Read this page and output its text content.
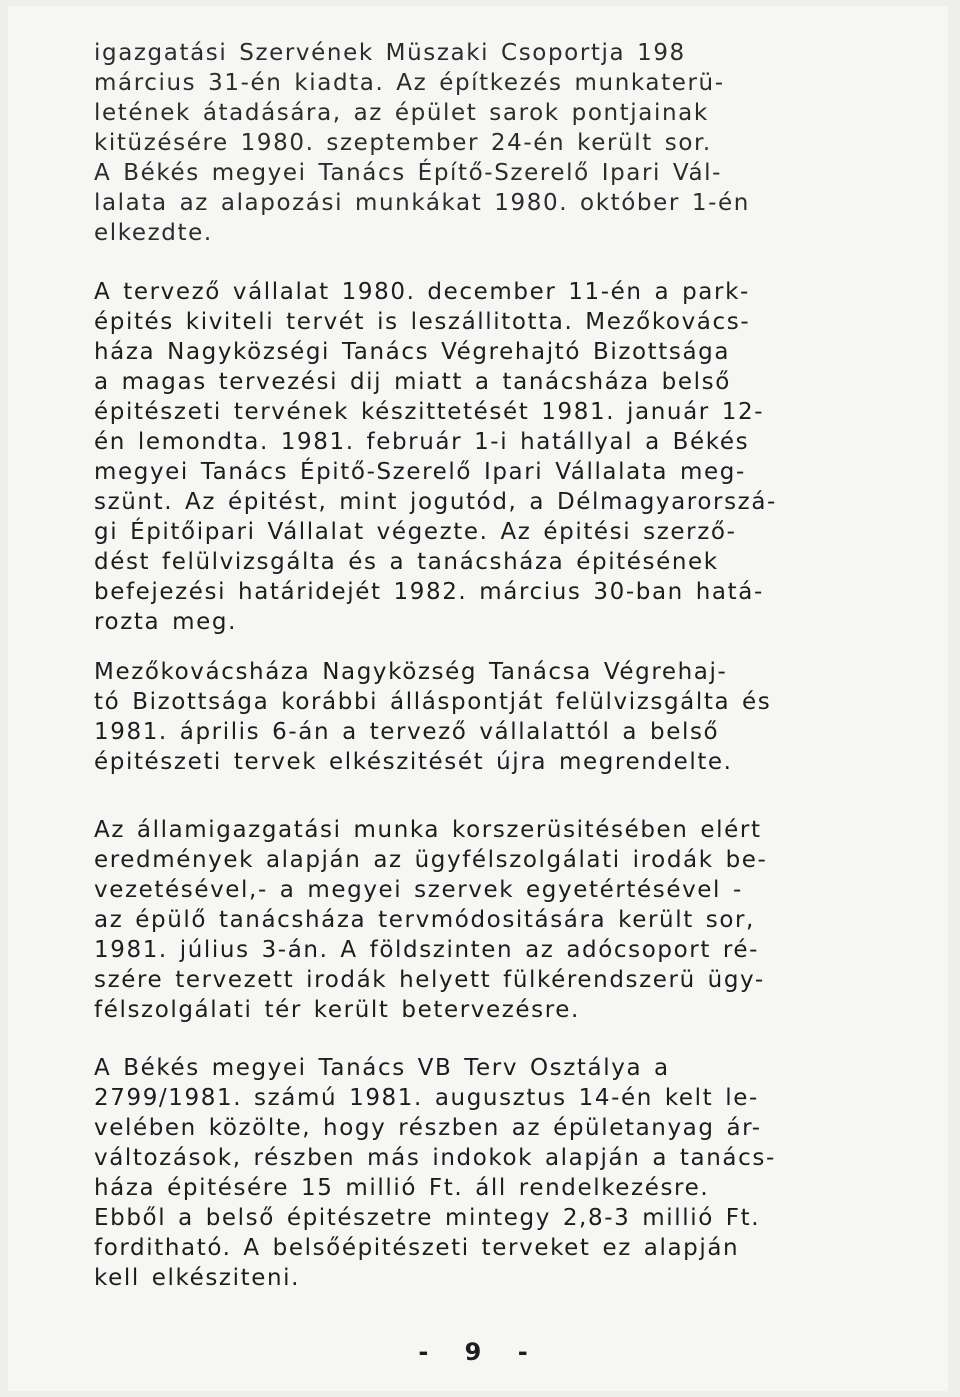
igazgatási Szervének Müszaki Csoportja 198
március 31-én kiadta. Az építkezés munkaterü-
letének átadására, az épület sarok pontjainak
kitüzésére 1980. szeptember 24-én került sor.
A Békés megyei Tanács Építő-Szerelő Ipari Vál-
lalata az alapozási munkákat 1980. október 1-én
elkezdte.
A tervező vállalat 1980. december 11-én a park-
épités kiviteli tervét is leszállitotta. Mezőkovács-
háza Nagyközségi Tanács Végrehajtó Bizottsága
a magas tervezési dij miatt a tanácsháza belső
épitészeti tervének készittetését 1981. január 12-
én lemondta. 1981. február 1-i hatállyal a Békés
megyei Tanács Épitő-Szerelő Ipari Vállalata meg-
szünt. Az épitést, mint jogutód, a Délmagyarorszá-
gi Épitőipari Vállalat végezte. Az épitési szerző-
dést felülvizsgálta és a tanácsháza épitésének
befejezési határidejét 1982. március 30-ban hatá-
rozta meg.
Mezőkovácsháza Nagyközség Tanácsa Végrehaj-
tó Bizottsága korábbi álláspontját felülvizsgálta és
1981. április 6-án a tervező vállalattól a belső
épitészeti tervek elkészitését újra megrendelte.
Az államigazgatási munka korszerüsitésében elért
eredmények alapján az ügyfélszolgálati irodák be-
vezetésével,- a megyei szervek egyetértésével -
az épülő tanácsháza tervmódositására került sor,
1981. július 3-án. A földszinten az adócsoport ré-
szére tervezett irodák helyett fülkérendszerü ügy-
félszolgálati tér került betervezésre.
A Békés megyei Tanács VB Terv Osztálya a
2799/1981. számú 1981. augusztus 14-én kelt le-
velében közölte, hogy részben az épületanyag ár-
változások, részben más indokok alapján a tanács-
háza épitésére 15 millió Ft. áll rendelkezésre.
Ebből a belső épitészetre mintegy 2,8-3 millió Ft.
forditható. A belsőépitészeti terveket ez alapján
kell elkésziteni.
- 9 -
